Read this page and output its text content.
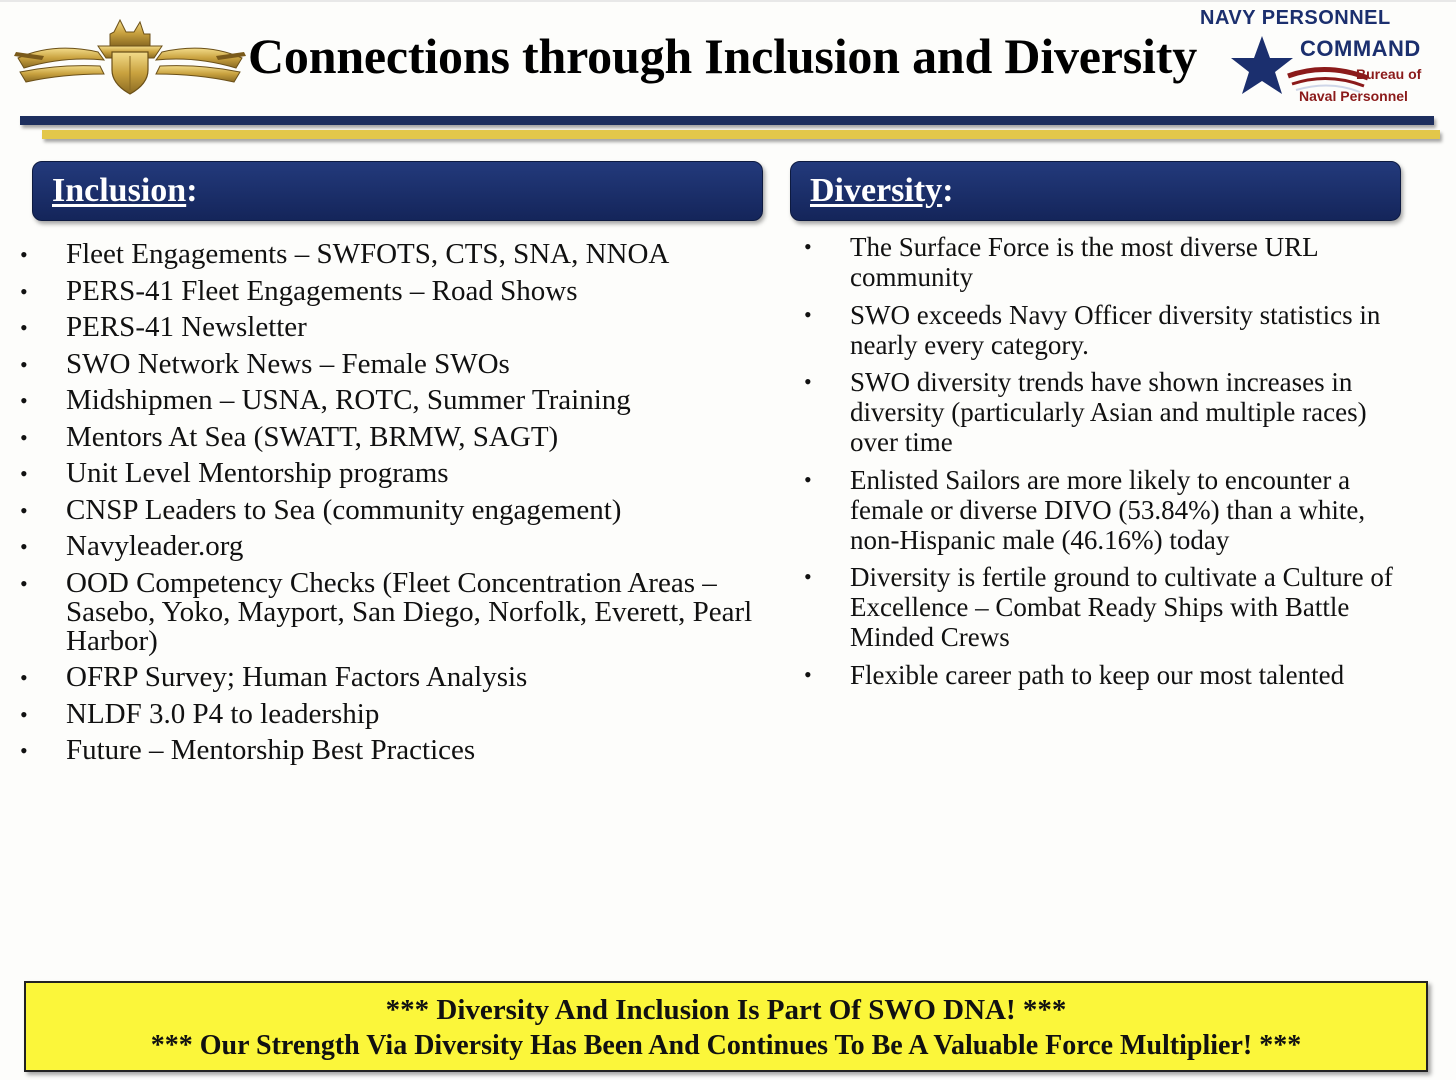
Connections through Inclusion and Diversity
NAVY PERSONNEL
COMMAND
Bureau of
Naval Personnel
Inclusion:
• Fleet Engagements – SWFOTS, CTS, SNA, NNOA
• PERS-41 Fleet Engagements – Road Shows
• PERS-41 Newsletter
• SWO Network News – Female SWOs
• Midshipmen – USNA, ROTC, Summer Training
• Mentors At Sea (SWATT, BRMW, SAGT)
• Unit Level Mentorship programs
• CNSP Leaders to Sea (community engagement)
• Navyleader.org
• OOD Competency Checks (Fleet Concentration Areas – Sasebo, Yoko, Mayport, San Diego, Norfolk, Everett, Pearl Harbor)
• OFRP Survey; Human Factors Analysis
• NLDF 3.0 P4 to leadership
• Future – Mentorship Best Practices
Diversity:
• The Surface Force is the most diverse URL community
• SWO exceeds Navy Officer diversity statistics in nearly every category.
• SWO diversity trends have shown increases in diversity (particularly Asian and multiple races) over time
• Enlisted Sailors are more likely to encounter a female or diverse DIVO (53.84%) than a white, non-Hispanic male (46.16%) today
• Diversity is fertile ground to cultivate a Culture of Excellence – Combat Ready Ships with Battle Minded Crews
• Flexible career path to keep our most talented
*** Diversity And Inclusion Is Part Of SWO DNA! ***
*** Our Strength Via Diversity Has Been And Continues To Be A Valuable Force Multiplier! ***
